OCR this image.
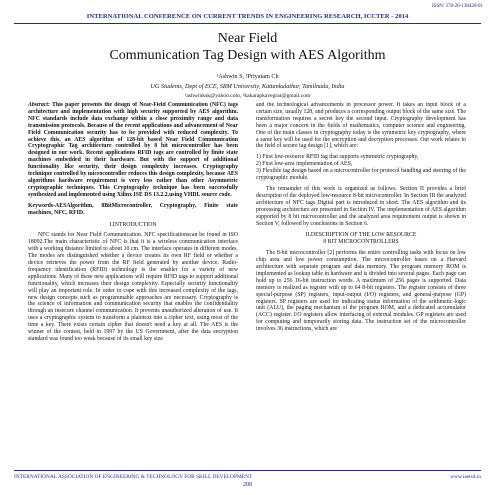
ISSN: 378-26-138420-01
INTERNATIONAL CONFERENCE ON CURRENT TRENDS IN ENGINEERING RESEARCH, ICCTER - 2014
Near Field
Communication Tag Design with AES Algorithm
¹Ashwin S, ²Priyatam Ch
UG Students, Dept of ECE, SRM University, Kattankulathur, Tamilnadu, India
¹ashwinksk@yahoo.com, ²kakarapkavegrat@gmail.com
Abstract: This paper presents the design of Near-Field Communication (NFC) tags architecture and implementation with high security supported by AES algorithm. NFC standards include data exchange within a close proximity range and data transmission protocols. Because of the recent applications and advancement of Near Field Communication security has to be provided with reduced complexity. To achieve this, an AES algorithm of 128-bit based Near Field Communication Cryptographic Tag architecture controlled by 8 bit microcontroller has been designed in our work. Recent applications RFID tags are controlled by finite state machines embedded in their hardware. But with the support of additional functionality like security, their design complexity increases. Cryptography technique controlled by microcontroller reduces this design complexity, because AES algorithms hardware requirement is very less rather than other Asymmetric cryptographic techniques. This Cryptography technique has been successfully synthesized and implemented using Xilinx ISE DS 13.2.2.using VHDL source code.
Keywords-AESAlgorithm, 8BitMicrocontroller, Cryptography, Finite state machines, NFC, RFID.
I.INTRODUCTION
NFC stands for Near Field Communication. NFC specificationscan be found in ISO 18092.The main characteristic of NFC is that it is a wireless communication interface with a working distance limited to about 10 cm. The interface operates in different modes. The modes are distinguished whether a device creates its own RF field or whether a device retrieves the power from the RF field generated by another device. Radio-frequency identification (RFID) technology is the enabler for a variety of new applications. Many of these new applications will require RFID tags to support additional functionality, which increases their design complexity. Especially security functionality will play an important role. In order to cope with this increased complexity of the tags, new design concepts such as programmable approaches are necessary. Cryptography is the science of information and communication security that enables the confidentiality through an insecure channel communication. It prevents unauthorized alteration of use. It uses a cryptographic system to transform a plaintext into a cipher text, using most of the time a key. There exists certain cipher that doesn't need a key at all. The AES is the winner of the contest, held in 1997 by the US Government, after the data encryption standard was found too weak because of its small key size
and the technological advancements in processor power. It takes an input block of a certain size, usually 128, and produces a corresponding output block of the same size. The transformation requires a secret key the second input. Cryptography development has been a major concern in the fields of mathematics, computer science and engineering. One of the main classes in cryptography today is the symmetric key cryptography, where a same key will be used for the encryption and decryption processes. Our work relates to the field of secure tag design [1], which are:
1) First low-resource RFID tag that supports symmetric cryptography,
2) First low-area implementation of AES,
3) Flexible tag design based on a microcontroller for protocol handling and steering of the cryptographic module.
The remainder of this work is organized as follows. Section II provides a brief description of the deployed low-resource 8-bit microcontroller. In Section III the analyzed architecture of NFC tags Digital part is introduced in short. The AES algorithm and its processing architecture are presented in Section IV. The implementation of AES algorithm supported by 8 bit microcontroller and the analyzed area requirement output is shown in Section V, followed by conclusions in Section 6.
II.DESCRIPTION OF THE LOW RESOURCE
8 BIT MICROCONTROLLERS
The 8-bit microcontroller [2] performs the entire controlling tasks with focus on low chip area and low power consumption. The microcontroller bases on a Harvard architecture with separate program and data memory. The program memory ROM is implemented as lookup table in hardware and is divided into several pages. Each page can hold up to 256 16-bit instruction words. A maximum of 256 pages is supported. Data memory is realized as register with up to 64 8-bit registers. The register consists of three special-purpose (SP) registers, input-output (I/O) registers, and general-purpose (GP) registers. SP registers are used for indicating status information of the arithmetic-logic unit (ALU), the paging mechanism of the program ROM, and a dedicated accumulator (ACC) register. I/O registers allow interfacing of external modules. GP registers are used for computing and temporarily storing data. The instruction set of the microcontroller involves 36 instructions, which are
INTERNATIONAL ASSOCIATION OF ENGINEERING & TECHNOLOGY FOR SKILL DEVELOPMENT	www.iaetsd.in
208
